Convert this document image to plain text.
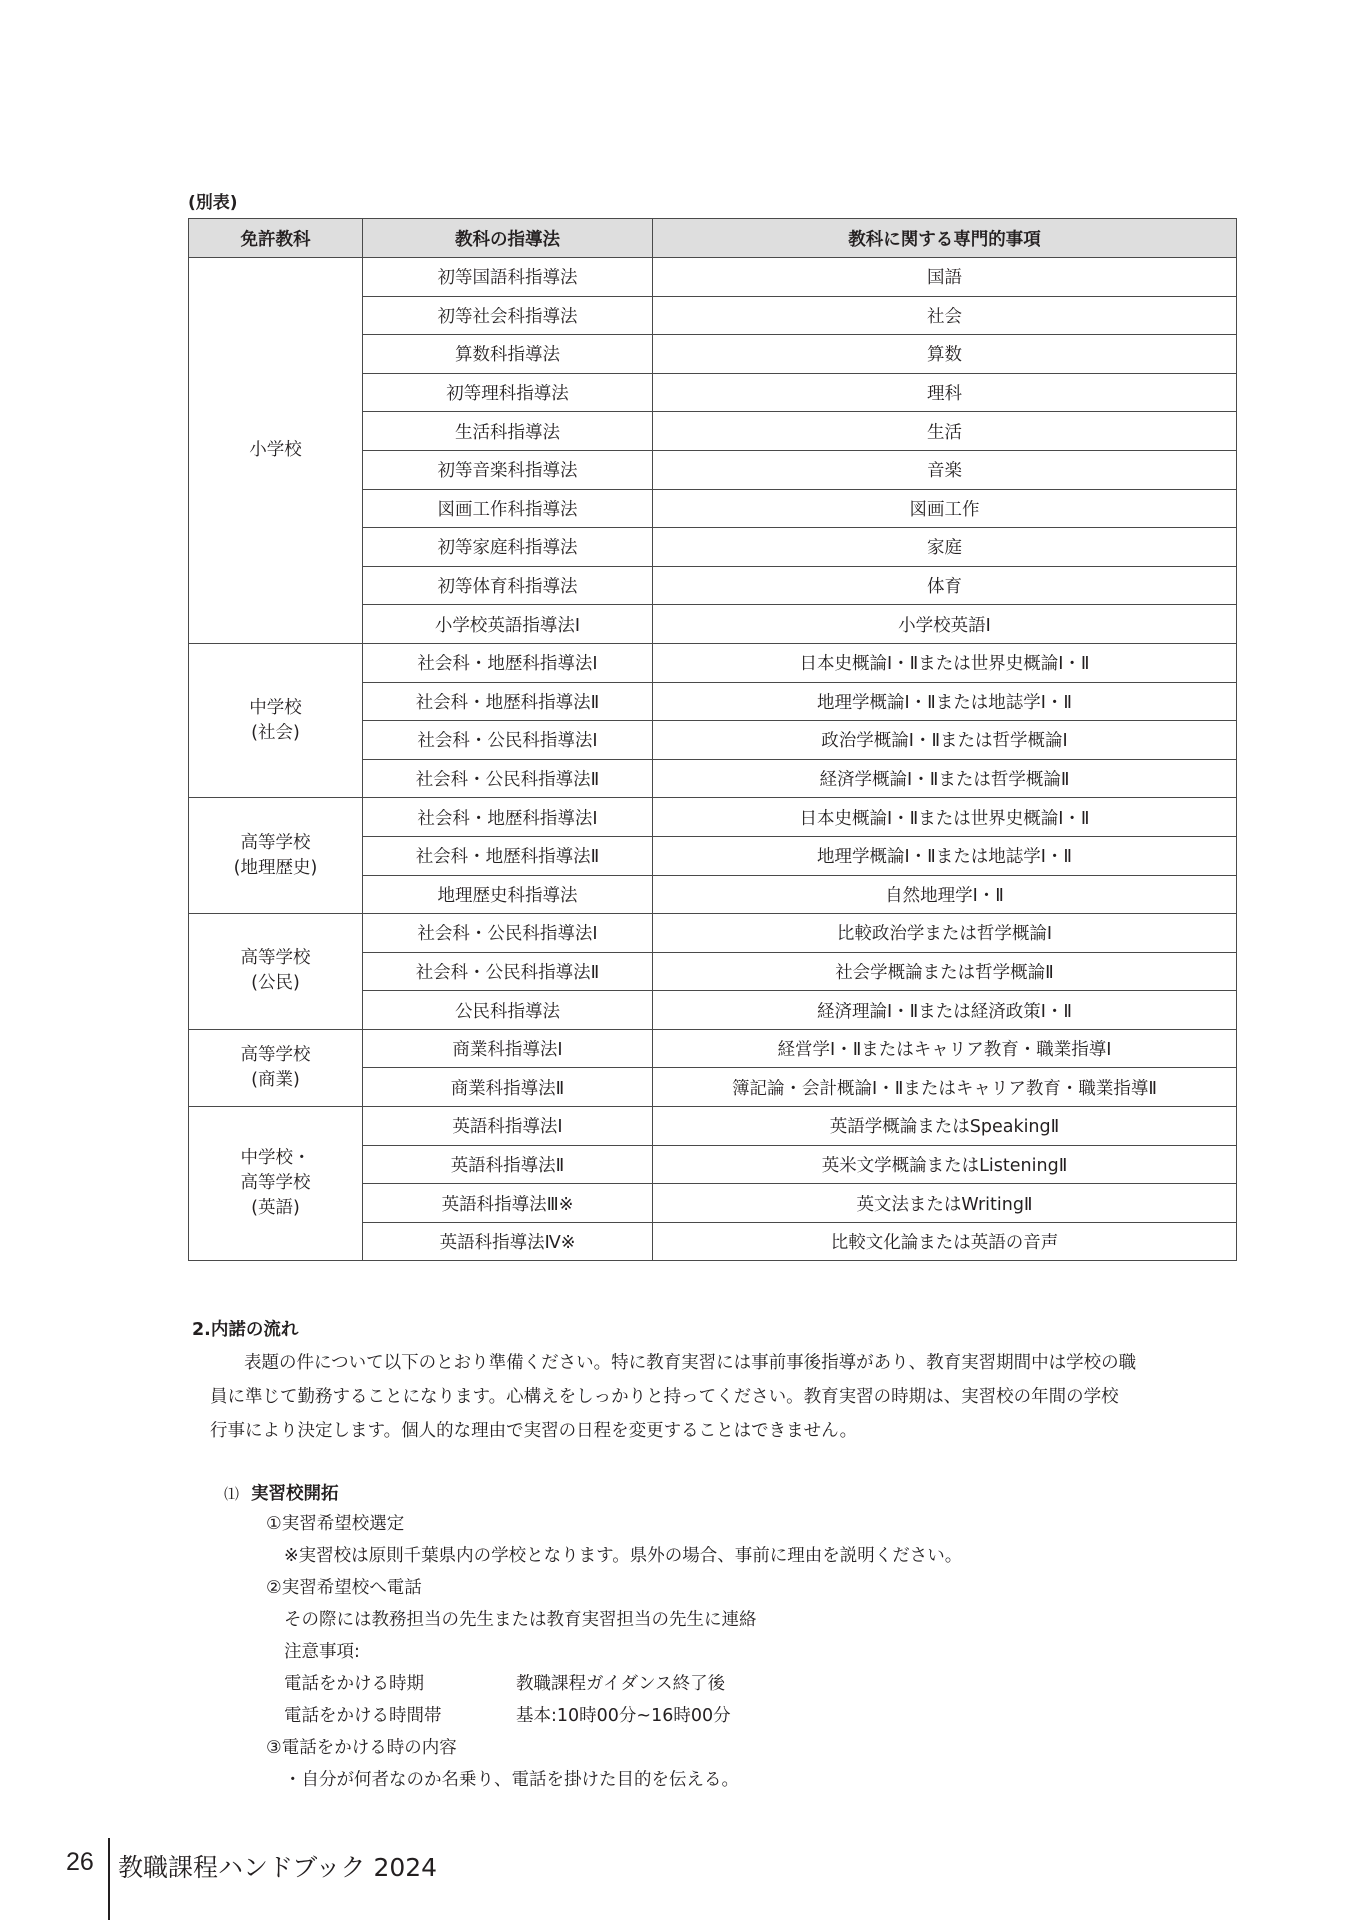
(別表)
免許教科	教科の指導法	教科に関する専門的事項

小学校	初等国語科指導法	国語
	初等社会科指導法	社会
	算数科指導法	算数
	初等理科指導法	理科
	生活科指導法	生活
	初等音楽科指導法	音楽
	図画工作科指導法	図画工作
	初等家庭科指導法	家庭
	初等体育科指導法	体育
	小学校英語指導法Ⅰ	小学校英語Ⅰ

中学校
(社会)	社会科・地歴科指導法Ⅰ	日本史概論Ⅰ・Ⅱまたは世界史概論Ⅰ・Ⅱ
	社会科・地歴科指導法Ⅱ	地理学概論Ⅰ・Ⅱまたは地誌学Ⅰ・Ⅱ
	社会科・公民科指導法Ⅰ	政治学概論Ⅰ・Ⅱまたは哲学概論Ⅰ
	社会科・公民科指導法Ⅱ	経済学概論Ⅰ・Ⅱまたは哲学概論Ⅱ

高等学校
(地理歴史)	社会科・地歴科指導法Ⅰ	日本史概論Ⅰ・Ⅱまたは世界史概論Ⅰ・Ⅱ
	社会科・地歴科指導法Ⅱ	地理学概論Ⅰ・Ⅱまたは地誌学Ⅰ・Ⅱ
	地理歴史科指導法	自然地理学Ⅰ・Ⅱ

高等学校
(公民)	社会科・公民科指導法Ⅰ	比較政治学または哲学概論Ⅰ
	社会科・公民科指導法Ⅱ	社会学概論または哲学概論Ⅱ
	公民科指導法	経済理論Ⅰ・Ⅱまたは経済政策Ⅰ・Ⅱ

高等学校
(商業)	商業科指導法Ⅰ	経営学Ⅰ・Ⅱまたはキャリア教育・職業指導Ⅰ
	商業科指導法Ⅱ	簿記論・会計概論Ⅰ・Ⅱまたはキャリア教育・職業指導Ⅱ

中学校・
高等学校
(英語)	英語科指導法Ⅰ	英語学概論またはSpeakingⅡ
	英語科指導法Ⅱ	英米文学概論またはListeningⅡ
	英語科指導法Ⅲ※	英文法またはWritingⅡ
	英語科指導法Ⅳ※	比較文化論または英語の音声
2.内諾の流れ
表題の件について以下のとおり準備ください。特に教育実習には事前事後指導があり、教育実習期間中は学校の職
員に準じて勤務することになります。心構えをしっかりと持ってください。教育実習の時期は、実習校の年間の学校
行事により決定します。個人的な理由で実習の日程を変更することはできません。
⑴ 実習校開拓
①実習希望校選定
※実習校は原則千葉県内の学校となります。県外の場合、事前に理由を説明ください。
②実習希望校へ電話
その際には教務担当の先生または教育実習担当の先生に連絡
注意事項:
電話をかける時期	教職課程ガイダンス終了後
電話をかける時間帯	基本:10時00分~16時00分
③電話をかける時の内容
・自分が何者なのか名乗り、電話を掛けた目的を伝える。
26 教職課程ハンドブック 2024
